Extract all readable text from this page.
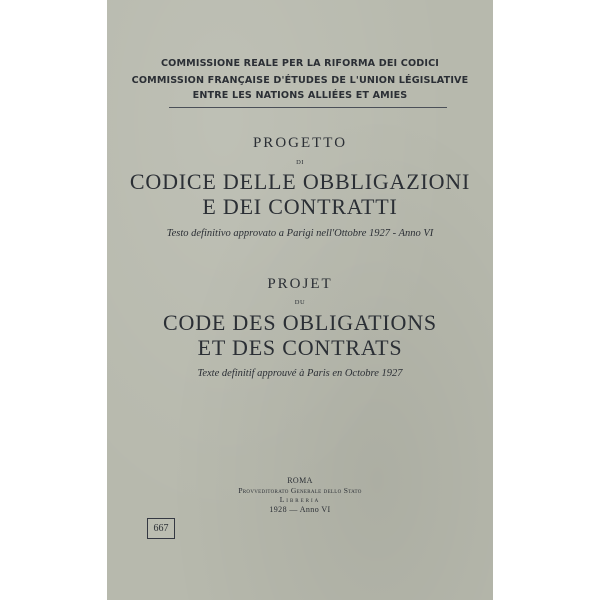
COMMISSIONE REALE PER LA RIFORMA DEI CODICI
COMMISSION FRANÇAISE D'ÉTUDES DE L'UNION LÉGISLATIVE
ENTRE LES NATIONS ALLIÉES ET AMIES
PROGETTO
DI
CODICE DELLE OBBLIGAZIONI
E DEI CONTRATTI
Testo definitivo approvato a Parigi nell'Ottobre 1927 - Anno VI
PROJET
DU
CODE DES OBLIGATIONS
ET DES CONTRATS
Texte definitif approuvé à Paris en Octobre 1927
ROMA
Provveditorato Generale dello Stato
Libreria
1928 — Anno VI
667
